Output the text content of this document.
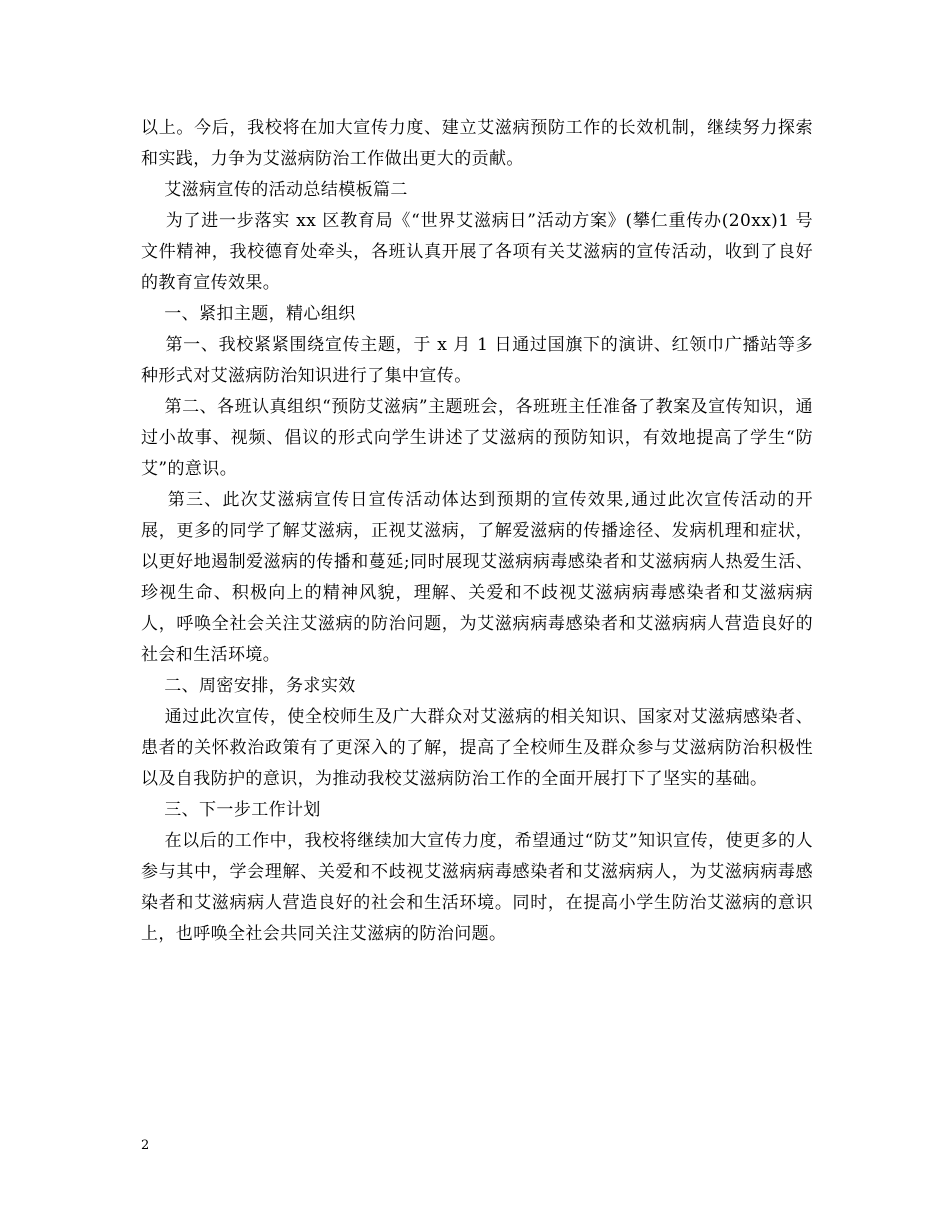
以上。今后，我校将在加大宣传力度、建立艾滋病预防工作的长效机制，继续努力探索和实践，力争为艾滋病防治工作做出更大的贡献。

艾滋病宣传的活动总结模板篇二

为了进一步落实 xx 区教育局《“世界艾滋病日”活动方案》(攀仁重传办(20xx)1 号文件精神，我校德育处牵头，各班认真开展了各项有关艾滋病的宣传活动，收到了良好的教育宣传效果。

一、紧扣主题，精心组织

第一、我校紧紧围绕宣传主题，于 x 月 1 日通过国旗下的演讲、红领巾广播站等多种形式对艾滋病防治知识进行了集中宣传。

第二、各班认真组织“预防艾滋病”主题班会，各班班主任准备了教案及宣传知识，通过小故事、视频、倡议的形式向学生讲述了艾滋病的预防知识，有效地提高了学生“防艾”的意识。

第三、此次艾滋病宣传日宣传活动体达到预期的宣传效果,通过此次宣传活动的开展，更多的同学了解艾滋病，正视艾滋病，了解爱滋病的传播途径、发病机理和症状，以更好地遏制爱滋病的传播和蔓延;同时展现艾滋病病毒感染者和艾滋病病人热爱生活、珍视生命、积极向上的精神风貌，理解、关爱和不歧视艾滋病病毒感染者和艾滋病病人，呼唤全社会关注艾滋病的防治问题，为艾滋病病毒感染者和艾滋病病人营造良好的社会和生活环境。

二、周密安排，务求实效

通过此次宣传，使全校师生及广大群众对艾滋病的相关知识、国家对艾滋病感染者、患者的关怀救治政策有了更深入的了解，提高了全校师生及群众参与艾滋病防治积极性以及自我防护的意识，为推动我校艾滋病防治工作的全面开展打下了坚实的基础。

三、下一步工作计划

在以后的工作中，我校将继续加大宣传力度，希望通过“防艾”知识宣传，使更多的人参与其中，学会理解、关爱和不歧视艾滋病病毒感染者和艾滋病病人，为艾滋病病毒感染者和艾滋病病人营造良好的社会和生活环境。同时，在提高小学生防治艾滋病的意识上，也呼唤全社会共同关注艾滋病的防治问题。

2
